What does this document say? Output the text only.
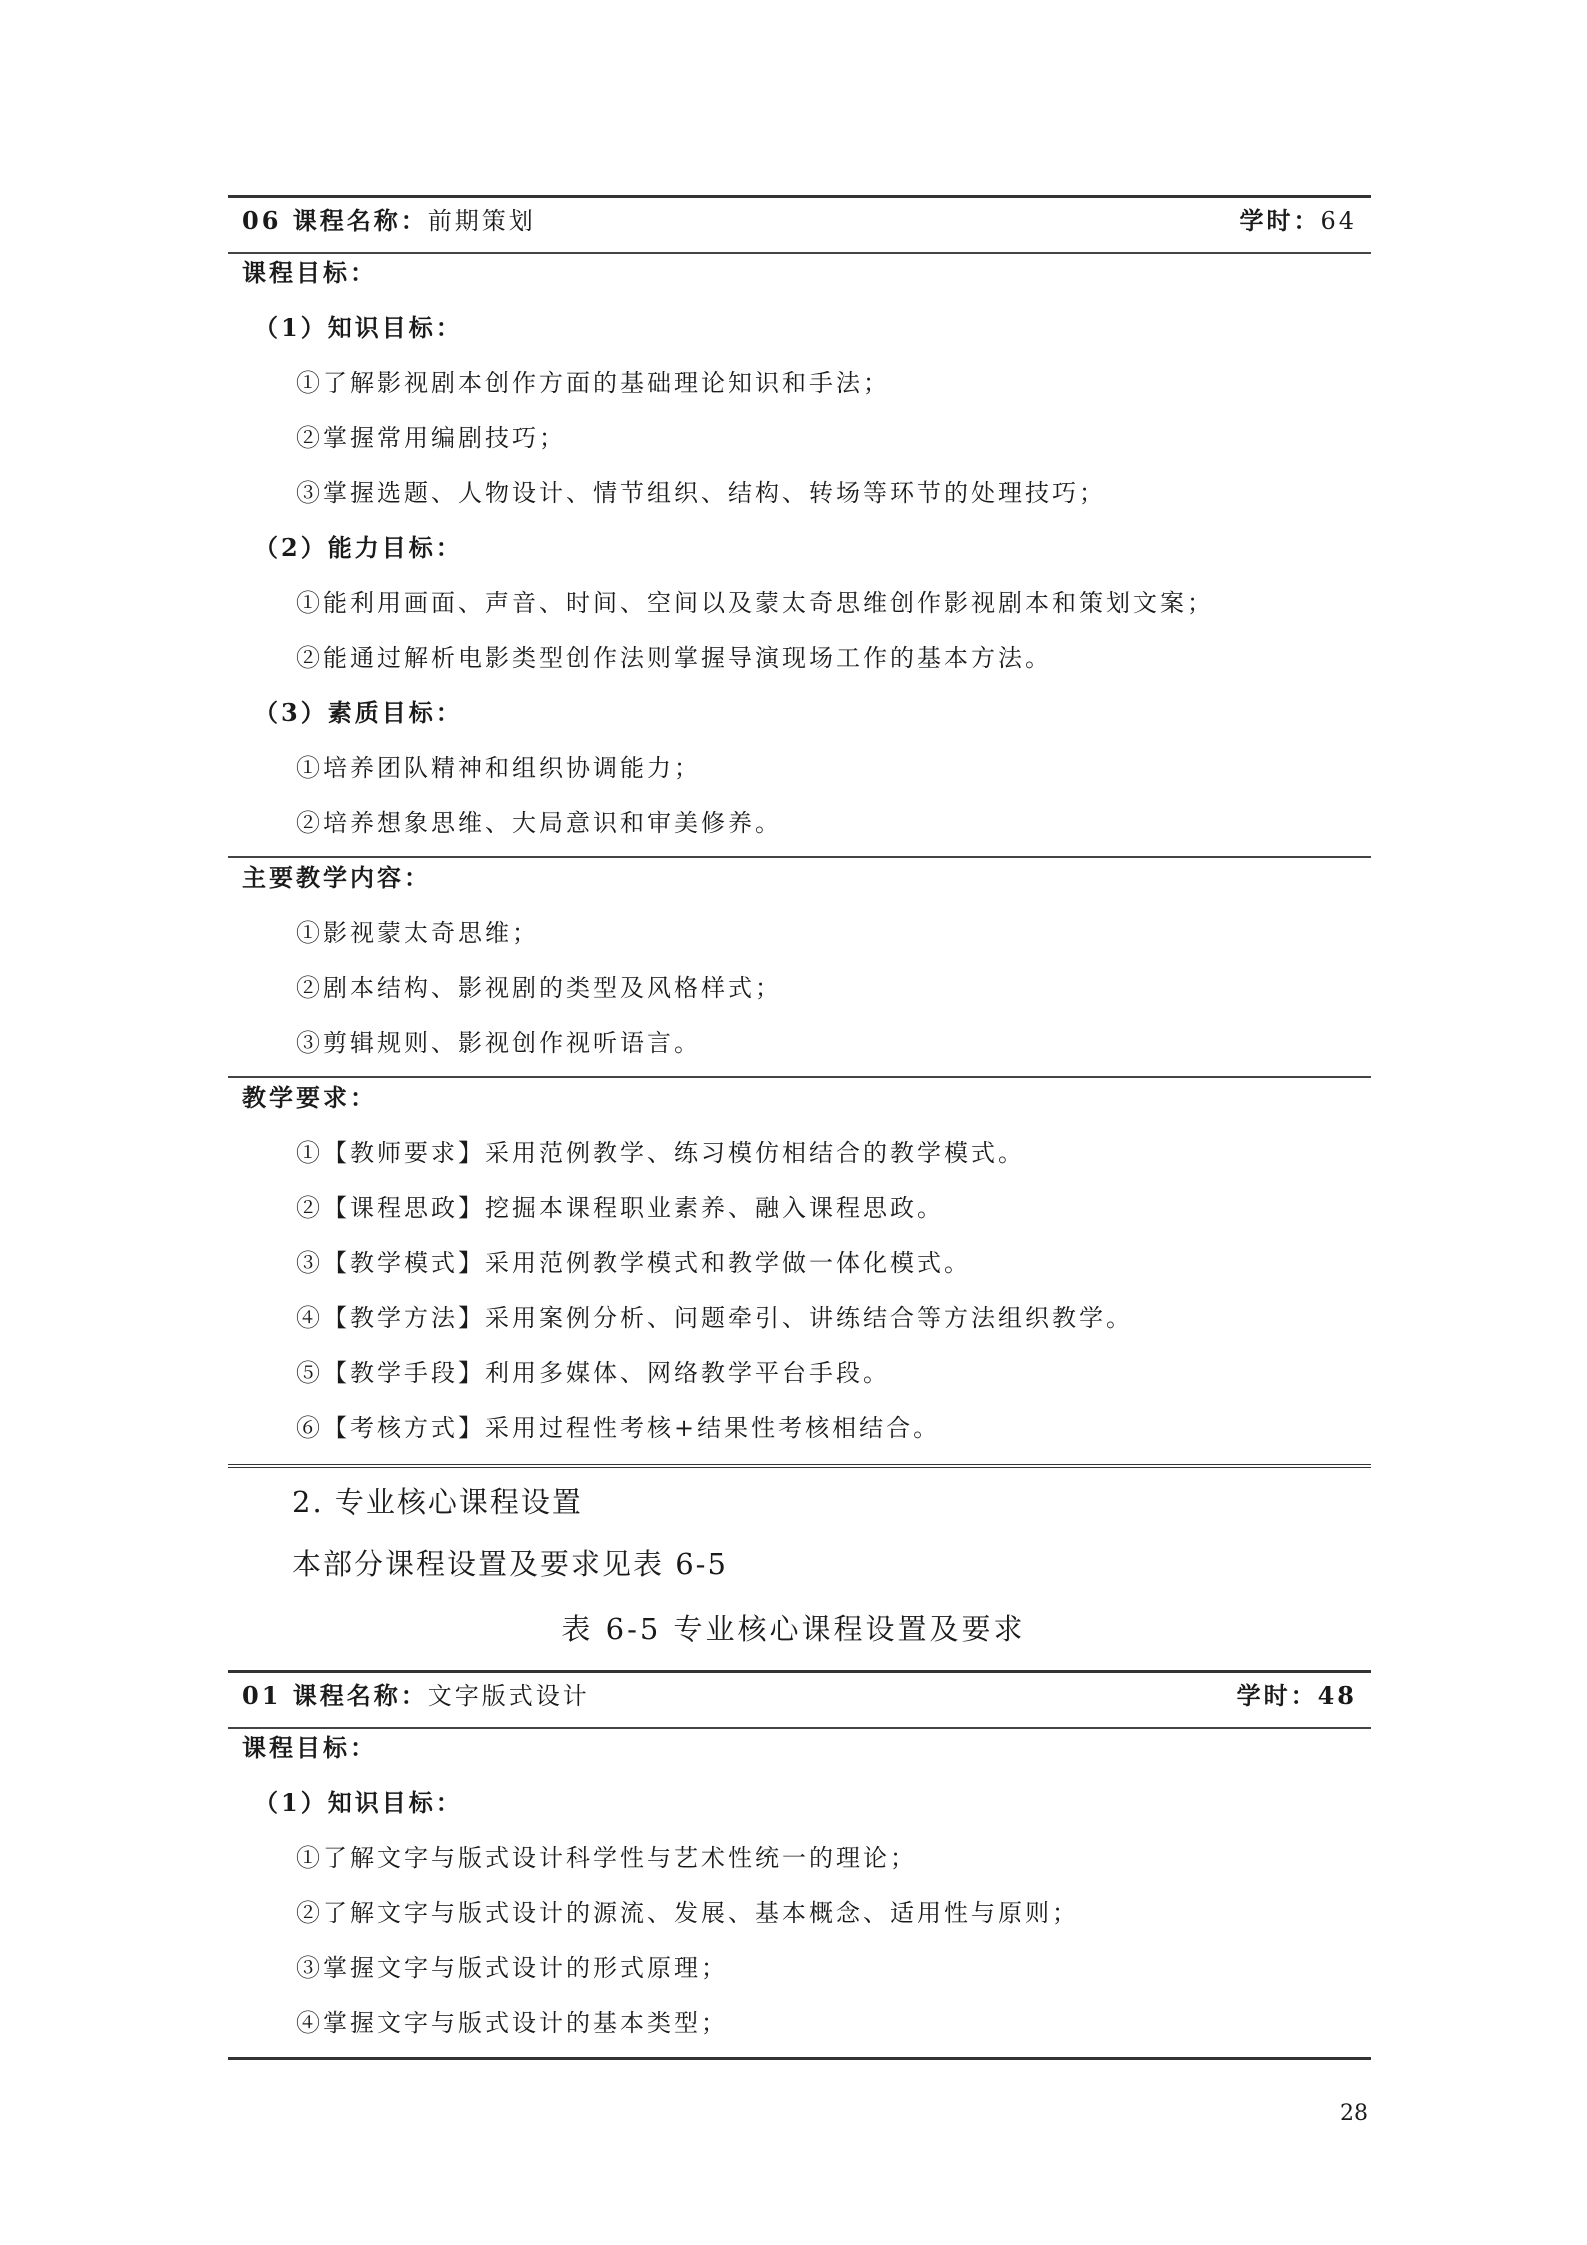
06 课程名称：前期策划	学时：64
课程目标：
（1）知识目标：
①了解影视剧本创作方面的基础理论知识和手法；
②掌握常用编剧技巧；
③掌握选题、人物设计、情节组织、结构、转场等环节的处理技巧；
（2）能力目标：
①能利用画面、声音、时间、空间以及蒙太奇思维创作影视剧本和策划文案；
②能通过解析电影类型创作法则掌握导演现场工作的基本方法。
（3）素质目标：
①培养团队精神和组织协调能力；
②培养想象思维、大局意识和审美修养。
主要教学内容：
①影视蒙太奇思维；
②剧本结构、影视剧的类型及风格样式；
③剪辑规则、影视创作视听语言。
教学要求：
①【教师要求】采用范例教学、练习模仿相结合的教学模式。
②【课程思政】挖掘本课程职业素养、融入课程思政。
③【教学模式】采用范例教学模式和教学做一体化模式。
④【教学方法】采用案例分析、问题牵引、讲练结合等方法组织教学。
⑤【教学手段】利用多媒体、网络教学平台手段。
⑥【考核方式】采用过程性考核+结果性考核相结合。
2. 专业核心课程设置
本部分课程设置及要求见表 6-5
表 6-5 专业核心课程设置及要求
01 课程名称：文字版式设计	学时：48
课程目标：
（1）知识目标：
①了解文字与版式设计科学性与艺术性统一的理论；
②了解文字与版式设计的源流、发展、基本概念、适用性与原则；
③掌握文字与版式设计的形式原理；
④掌握文字与版式设计的基本类型；
28
